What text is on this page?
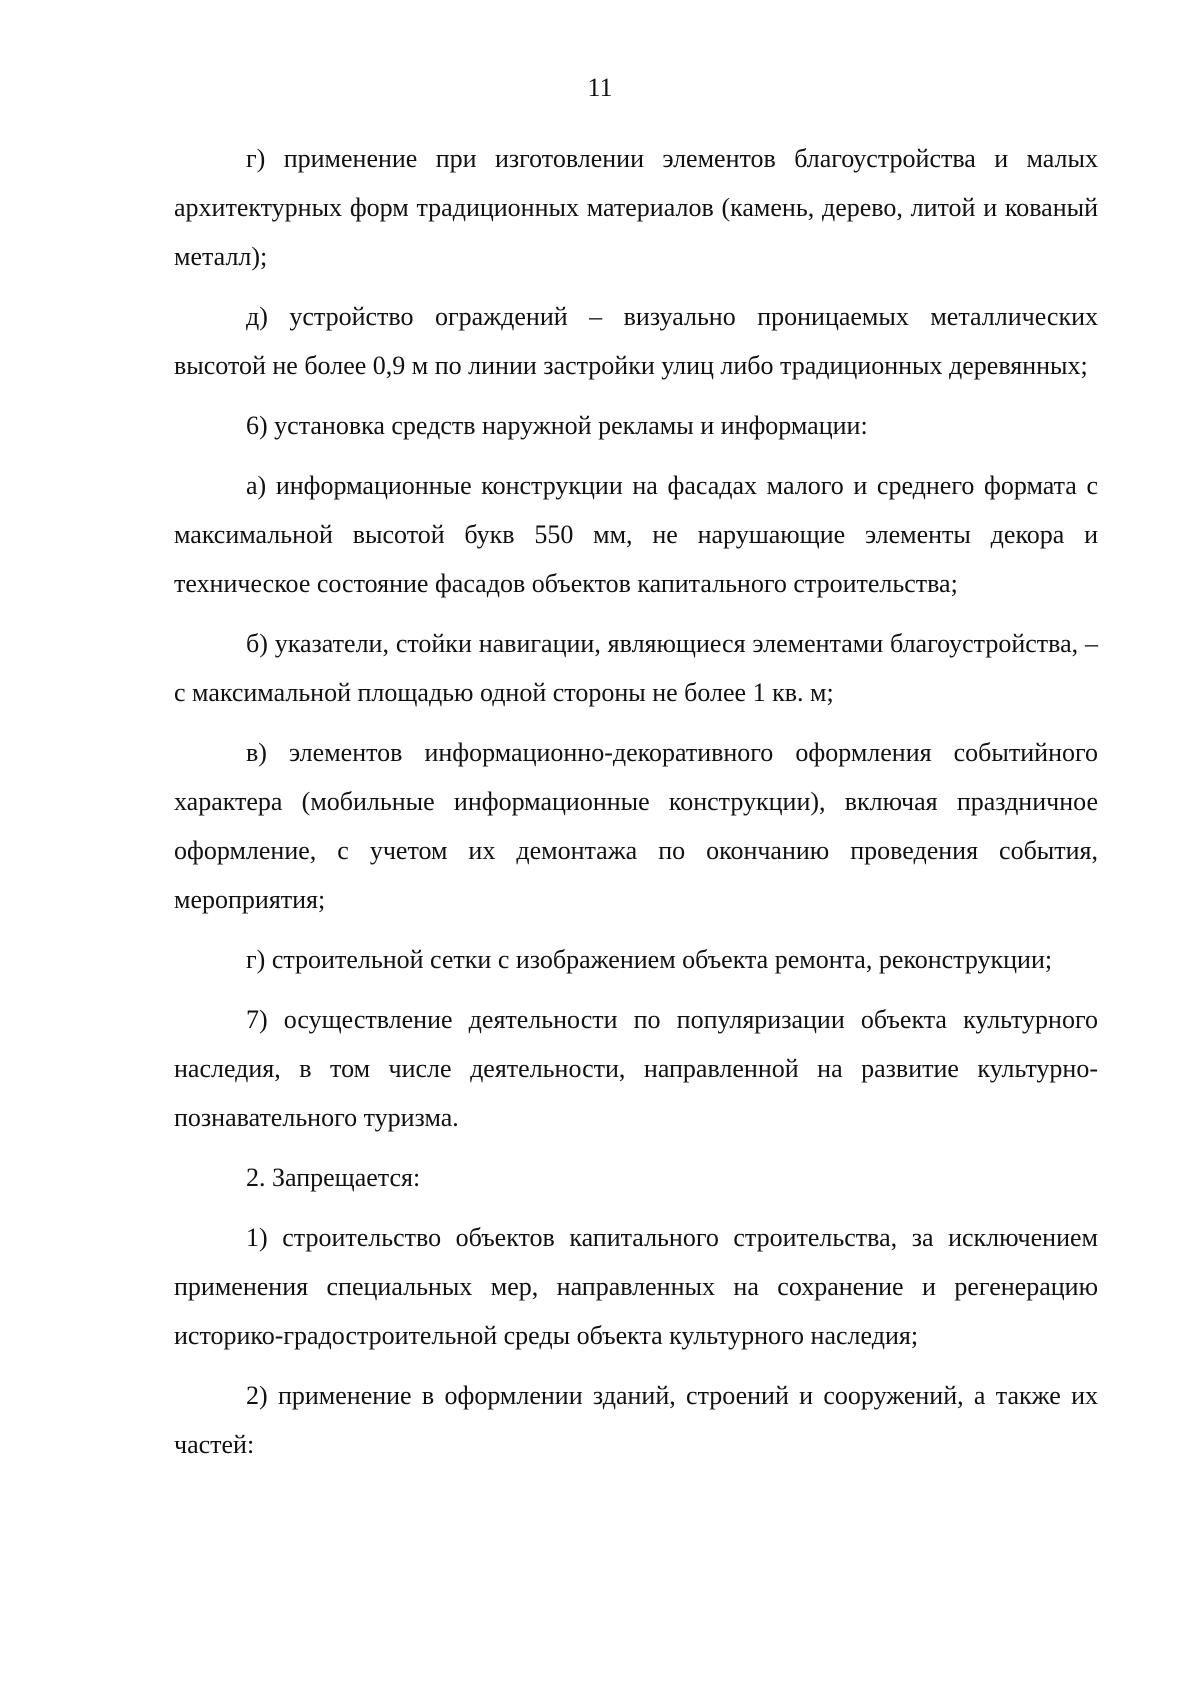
11

г) применение при изготовлении элементов благоустройства и малых архитектурных форм традиционных материалов (камень, дерево, литой и кованый металл);

д) устройство ограждений – визуально проницаемых металлических высотой не более 0,9 м по линии застройки улиц либо традиционных деревянных;

6) установка средств наружной рекламы и информации:

а) информационные конструкции на фасадах малого и среднего формата с максимальной высотой букв 550 мм, не нарушающие элементы декора и техническое состояние фасадов объектов капитального строительства;

б) указатели, стойки навигации, являющиеся элементами благоустройства, – с максимальной площадью одной стороны не более 1 кв. м;

в) элементов информационно-декоративного оформления событийного характера (мобильные информационные конструкции), включая праздничное оформление, с учетом их демонтажа по окончанию проведения события, мероприятия;

г) строительной сетки с изображением объекта ремонта, реконструкции;

7) осуществление деятельности по популяризации объекта культурного наследия, в том числе деятельности, направленной на развитие культурно-познавательного туризма.

2. Запрещается:

1) строительство объектов капитального строительства, за исключением применения специальных мер, направленных на сохранение и регенерацию историко-градостроительной среды объекта культурного наследия;

2) применение в оформлении зданий, строений и сооружений, а также их частей:
